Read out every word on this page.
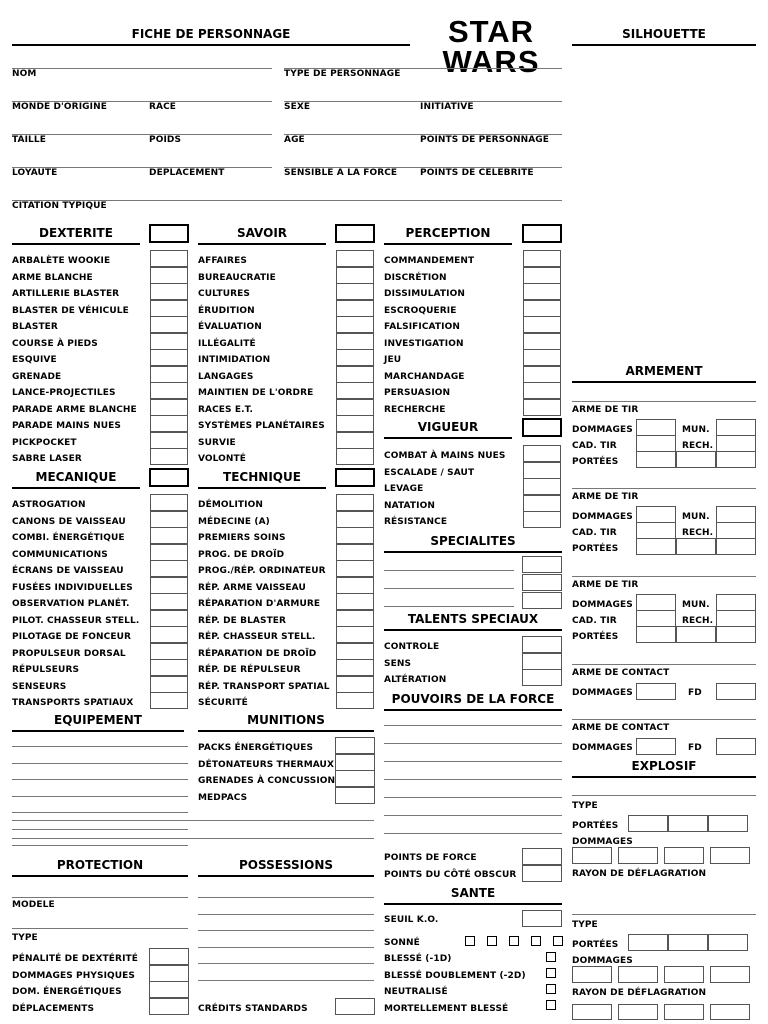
FICHE DE PERSONNAGE	STAR
WARS
SILHOUETTE
NOM	TYPE DE PERSONNAGE
MONDE D'ORIGINE	RACE	SEXE	INITIATIVE
TAILLE	POIDS	AGE	POINTS DE PERSONNAGE
LOYAUTE	DEPLACEMENT	SENSIBLE A LA FORCE	POINTS DE CELEBRITE
CITATION TYPIQUE
DEXTERITE
ARBALÈTE WOOKIE
ARME BLANCHE
ARTILLERIE BLASTER
BLASTER DE VÉHICULE
BLASTER
COURSE À PIEDS
ESQUIVE
GRENADE
LANCE-PROJECTILES
PARADE ARME BLANCHE
PARADE MAINS NUES
PICKPOCKET
SABRE LASER
SAVOIR
AFFAIRES
BUREAUCRATIE
CULTURES
ÉRUDITION
ÉVALUATION
ILLÉGALITÉ
INTIMIDATION
LANGAGES
MAINTIEN DE L'ORDRE
RACES E.T.
SYSTÈMES PLANÉTAIRES
SURVIE
VOLONTÉ
PERCEPTION
COMMANDEMENT
DISCRÉTION
DISSIMULATION
ESCROQUERIE
FALSIFICATION
INVESTIGATION
JEU
MARCHANDAGE
PERSUASION
RECHERCHE
VIGUEUR
COMBAT À MAINS NUES
ESCALADE / SAUT
LEVAGE
NATATION
RÉSISTANCE
MECANIQUE
ASTROGATION
CANONS DE VAISSEAU
COMBI. ÉNERGÉTIQUE
COMMUNICATIONS
ÉCRANS DE VAISSEAU
FUSÉES INDIVIDUELLES
OBSERVATION PLANÉT.
PILOT. CHASSEUR STELL.
PILOTAGE DE FONCEUR
PROPULSEUR DORSAL
RÉPULSEURS
SENSEURS
TRANSPORTS SPATIAUX
TECHNIQUE
DÉMOLITION
MÉDECINE (A)
PREMIERS SOINS
PROG. DE DROÏD
PROG./RÉP. ORDINATEUR
RÉP. ARME VAISSEAU
RÉPARATION D'ARMURE
RÉP. DE BLASTER
RÉP. CHASSEUR STELL.
RÉPARATION DE DROÏD
RÉP. DE RÉPULSEUR
RÉP. TRANSPORT SPATIAL
SÉCURITÉ
SPECIALITES
TALENTS SPECIAUX
CONTROLE
SENS
ALTÉRATION
POUVOIRS DE LA FORCE
POINTS DE FORCE
POINTS DU CÔTÉ OBSCUR
EQUIPEMENT	MUNITIONS
PACKS ÉNERGÉTIQUES
DÉTONATEURS THERMAUX
GRENADES À CONCUSSION
MEDPACS
PROTECTION
MODELE
TYPE
PÉNALITÉ DE DEXTÉRITÉ
DOMMAGES PHYSIQUES
DOM. ÉNERGÉTIQUES
DÉPLACEMENTS
POSSESSIONS
CRÉDITS STANDARDS
SANTE
SEUIL K.O.
SONNÉ
BLESSÉ (-1D)
BLESSÉ DOUBLEMENT (-2D)
NEUTRALISÉ
MORTELLEMENT BLESSÉ
ARMEMENT
ARME DE TIR
DOMMAGES	MUN.
CAD. TIR	RECH.
PORTÉES
ARME DE TIR
DOMMAGES	MUN.
CAD. TIR	RECH.
PORTÉES
ARME DE TIR
DOMMAGES	MUN.
CAD. TIR	RECH.
PORTÉES
ARME DE CONTACT
DOMMAGES	FD
ARME DE CONTACT
DOMMAGES	FD
EXPLOSIF
TYPE
PORTÉES
DOMMAGES
RAYON DE DÉFLAGRATION
TYPE
PORTÉES
DOMMAGES
RAYON DE DÉFLAGRATION
